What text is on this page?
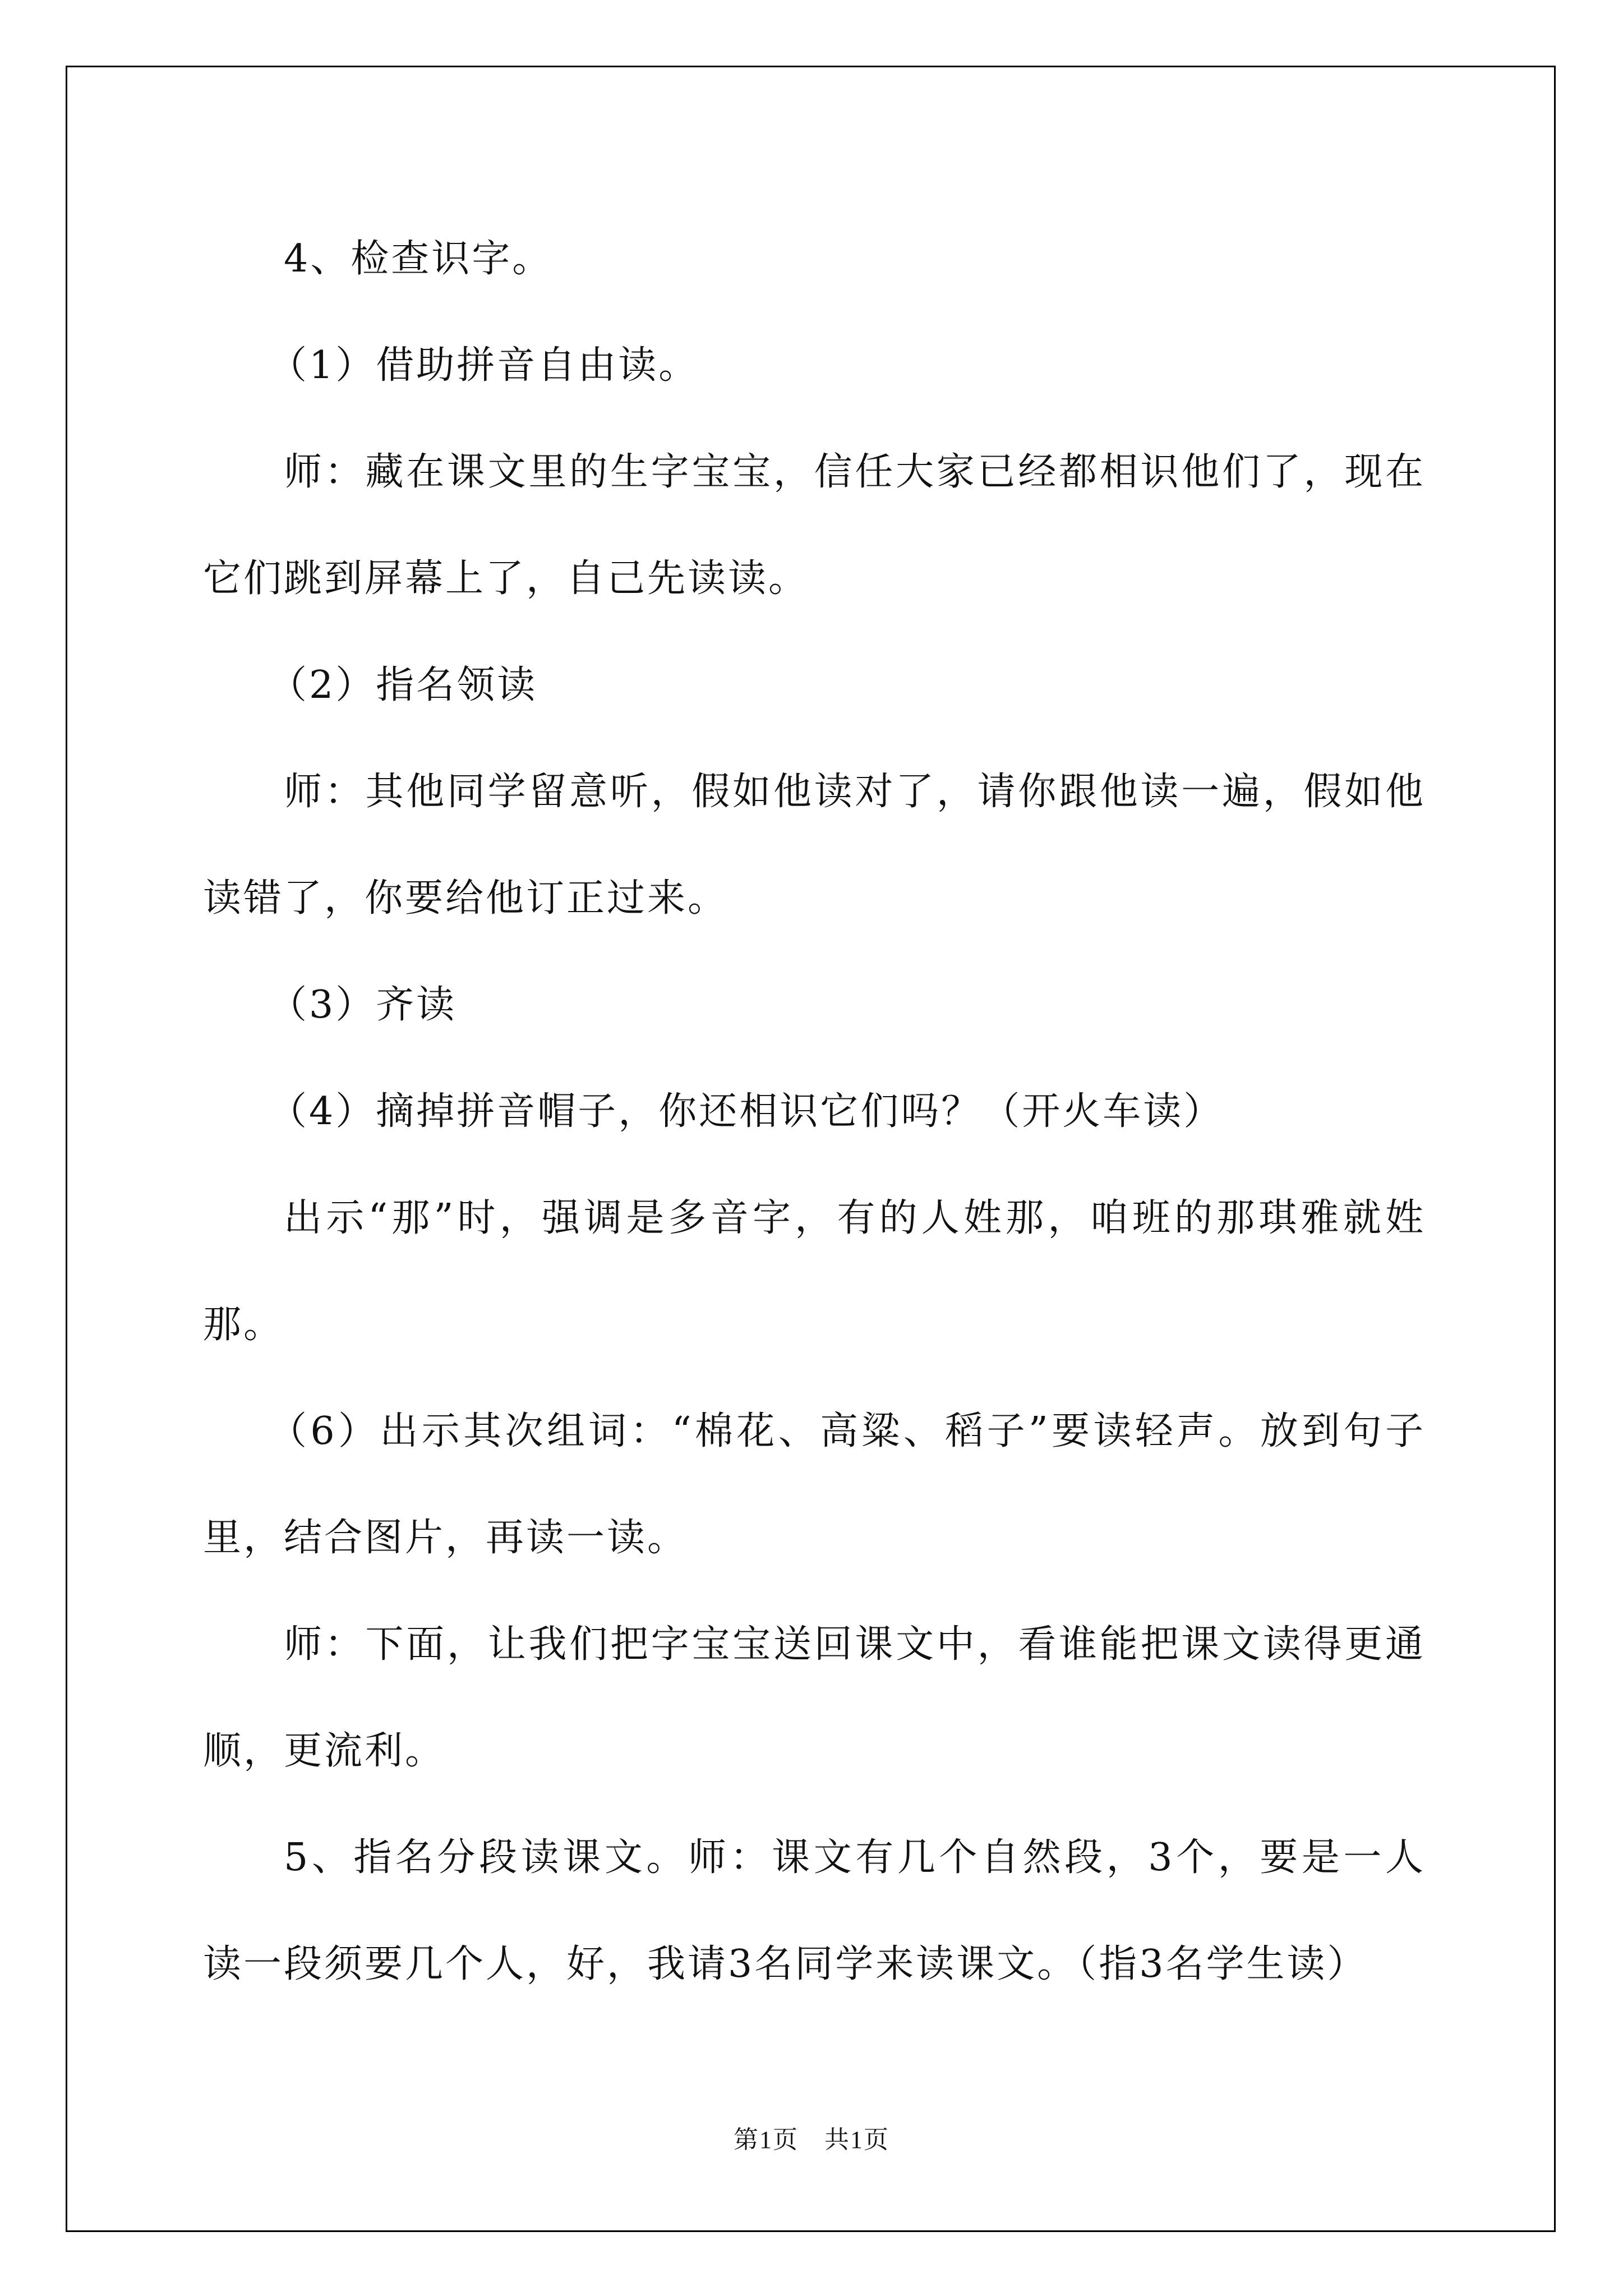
4、检查识字。

（1）借助拼音自由读。

师：藏在课文里的生字宝宝，信任大家已经都相识他们了，现在它们跳到屏幕上了，自己先读读。

（2）指名领读

师：其他同学留意听，假如他读对了，请你跟他读一遍，假如他读错了，你要给他订正过来。

（3）齐读

（4）摘掉拼音帽子，你还相识它们吗？（开火车读）

出示“那”时，强调是多音字，有的人姓那，咱班的那琪雅就姓那。

（6）出示其次组词：“棉花、高粱、稻子”要读轻声。放到句子里，结合图片，再读一读。

师：下面，让我们把字宝宝送回课文中，看谁能把课文读得更通顺，更流利。

5、指名分段读课文。师：课文有几个自然段，3个，要是一人读一段须要几个人，好，我请3名同学来读课文。（指3名学生读）

第1页　共1页
